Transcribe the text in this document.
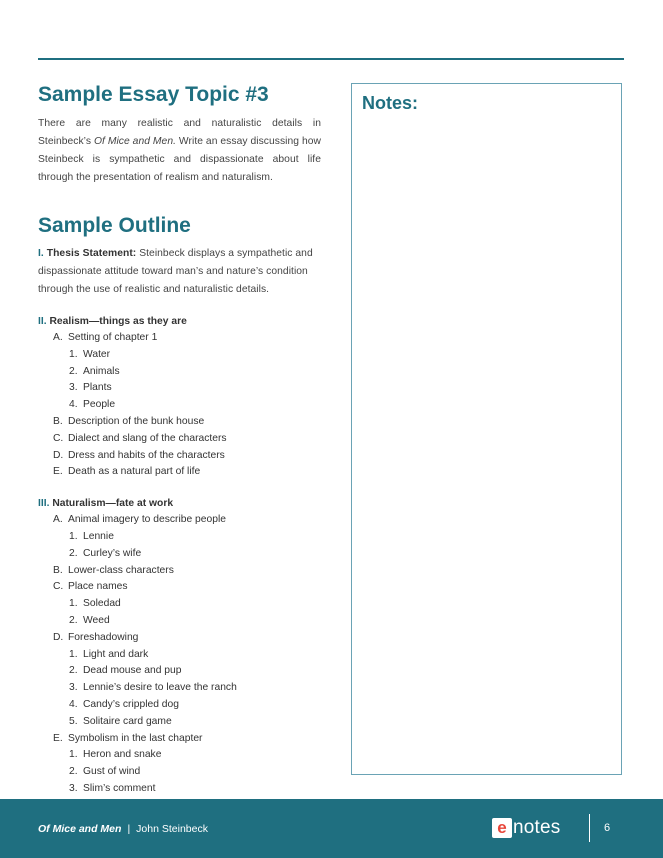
Sample Essay Topic #3

There are many realistic and naturalistic details in Steinbeck’s Of Mice and Men. Write an essay discussing how Steinbeck is sympathetic and dispassionate about life through the presentation of realism and naturalism.

Sample Outline

I. Thesis Statement: Steinbeck displays a sympathetic and dispassionate attitude toward man’s and nature’s condition through the use of realistic and naturalistic details.

II. Realism—things as they are
A. Setting of chapter 1
1. Water
2. Animals
3. Plants
4. People
B. Description of the bunk house
C. Dialect and slang of the characters
D. Dress and habits of the characters
E. Death as a natural part of life
III. Naturalism—fate at work
A. Animal imagery to describe people
1. Lennie
2. Curley’s wife
B. Lower-class characters
C. Place names
1. Soledad
2. Weed
D. Foreshadowing
1. Light and dark
2. Dead mouse and pup
3. Lennie’s desire to leave the ranch
4. Candy’s crippled dog
5. Solitaire card game
E. Symbolism in the last chapter
1. Heron and snake
2. Gust of wind
3. Slim’s comment
Notes:
Of Mice and Men | John Steinbeck	e notes	6
